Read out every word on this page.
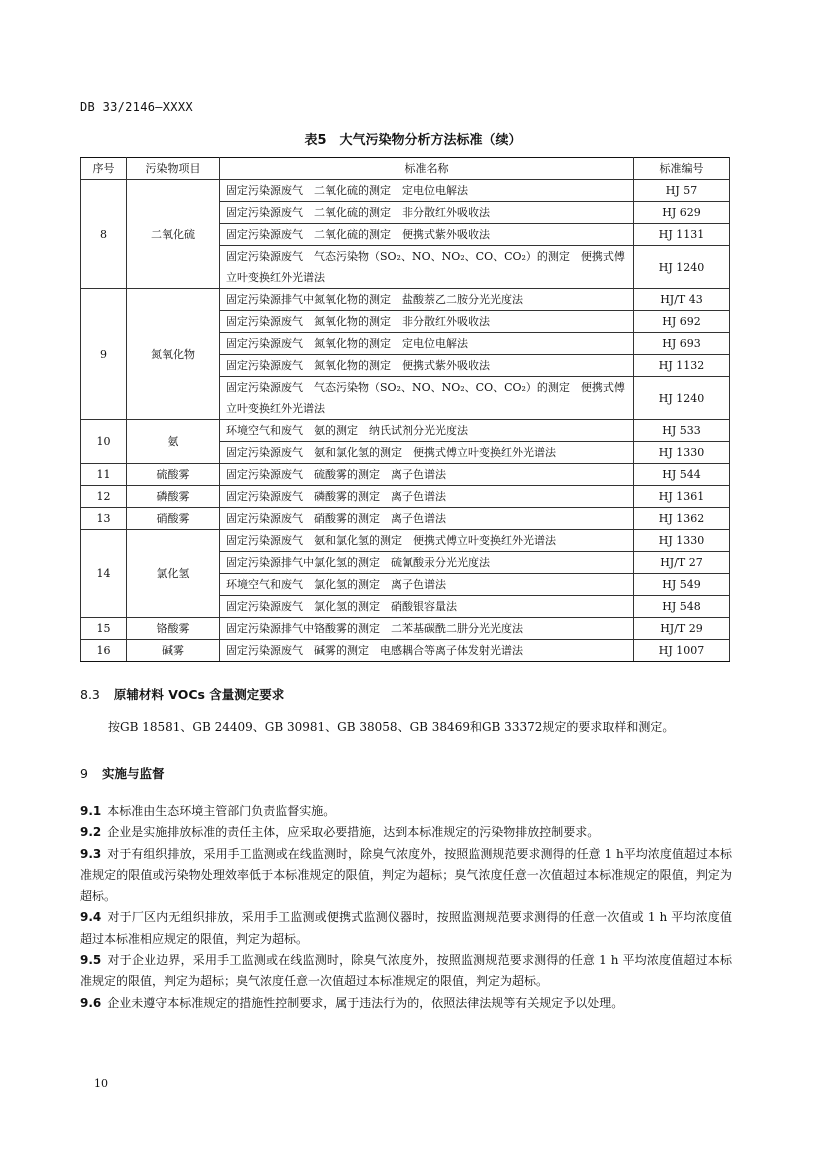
DB 33/2146—XXXX
表5　大气污染物分析方法标准（续）
序号	污染物项目	标准名称	标准编号
8	二氧化硫	固定污染源废气　二氧化硫的测定　定电位电解法	HJ 57
		固定污染源废气　二氧化硫的测定　非分散红外吸收法	HJ 629
		固定污染源废气　二氧化硫的测定　便携式紫外吸收法	HJ 1131
		固定污染源废气　气态污染物（SO₂、NO、NO₂、CO、CO₂）的测定　便携式傅立叶变换红外光谱法	HJ 1240
9	氮氧化物	固定污染源排气中氮氧化物的测定　盐酸萘乙二胺分光光度法	HJ/T 43
		固定污染源废气　氮氧化物的测定　非分散红外吸收法	HJ 692
		固定污染源废气　氮氧化物的测定　定电位电解法	HJ 693
		固定污染源废气　氮氧化物的测定　便携式紫外吸收法	HJ 1132
		固定污染源废气　气态污染物（SO₂、NO、NO₂、CO、CO₂）的测定　便携式傅立叶变换红外光谱法	HJ 1240
10	氨	环境空气和废气　氨的测定　纳氏试剂分光光度法	HJ 533
		固定污染源废气　氨和氯化氢的测定　便携式傅立叶变换红外光谱法	HJ 1330
11	硫酸雾	固定污染源废气　硫酸雾的测定　离子色谱法	HJ 544
12	磷酸雾	固定污染源废气　磷酸雾的测定　离子色谱法	HJ 1361
13	硝酸雾	固定污染源废气　硝酸雾的测定　离子色谱法	HJ 1362
14	氯化氢	固定污染源废气　氨和氯化氢的测定　便携式傅立叶变换红外光谱法	HJ 1330
		固定污染源排气中氯化氢的测定　硫氰酸汞分光光度法	HJ/T 27
		环境空气和废气　氯化氢的测定　离子色谱法	HJ 549
		固定污染源废气　氯化氢的测定　硝酸银容量法	HJ 548
15	铬酸雾	固定污染源排气中铬酸雾的测定　二苯基碳酰二肼分光光度法	HJ/T 29
16	碱雾	固定污染源废气　碱雾的测定　电感耦合等离子体发射光谱法	HJ 1007
8.3 原辅材料 VOCs 含量测定要求
按GB 18581、GB 24409、GB 30981、GB 38058、GB 38469和GB 33372规定的要求取样和测定。
9 实施与监督
9.1 本标准由生态环境主管部门负责监督实施。
9.2 企业是实施排放标准的责任主体，应采取必要措施，达到本标准规定的污染物排放控制要求。
9.3 对于有组织排放，采用手工监测或在线监测时，除臭气浓度外，按照监测规范要求测得的任意 1 h平均浓度值超过本标准规定的限值或污染物处理效率低于本标准规定的限值，判定为超标；臭气浓度任意一次值超过本标准规定的限值，判定为超标。
9.4 对于厂区内无组织排放，采用手工监测或便携式监测仪器时，按照监测规范要求测得的任意一次值或 1 h 平均浓度值超过本标准相应规定的限值，判定为超标。
9.5 对于企业边界，采用手工监测或在线监测时，除臭气浓度外，按照监测规范要求测得的任意 1 h 平均浓度值超过本标准规定的限值，判定为超标；臭气浓度任意一次值超过本标准规定的限值，判定为超标。
9.6 企业未遵守本标准规定的措施性控制要求，属于违法行为的，依照法律法规等有关规定予以处理。
10
